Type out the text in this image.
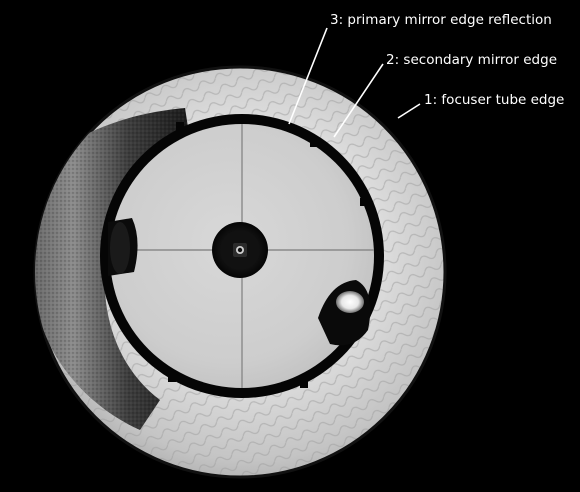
3: primary mirror edge reflection
2: secondary mirror edge
1: focuser tube edge
